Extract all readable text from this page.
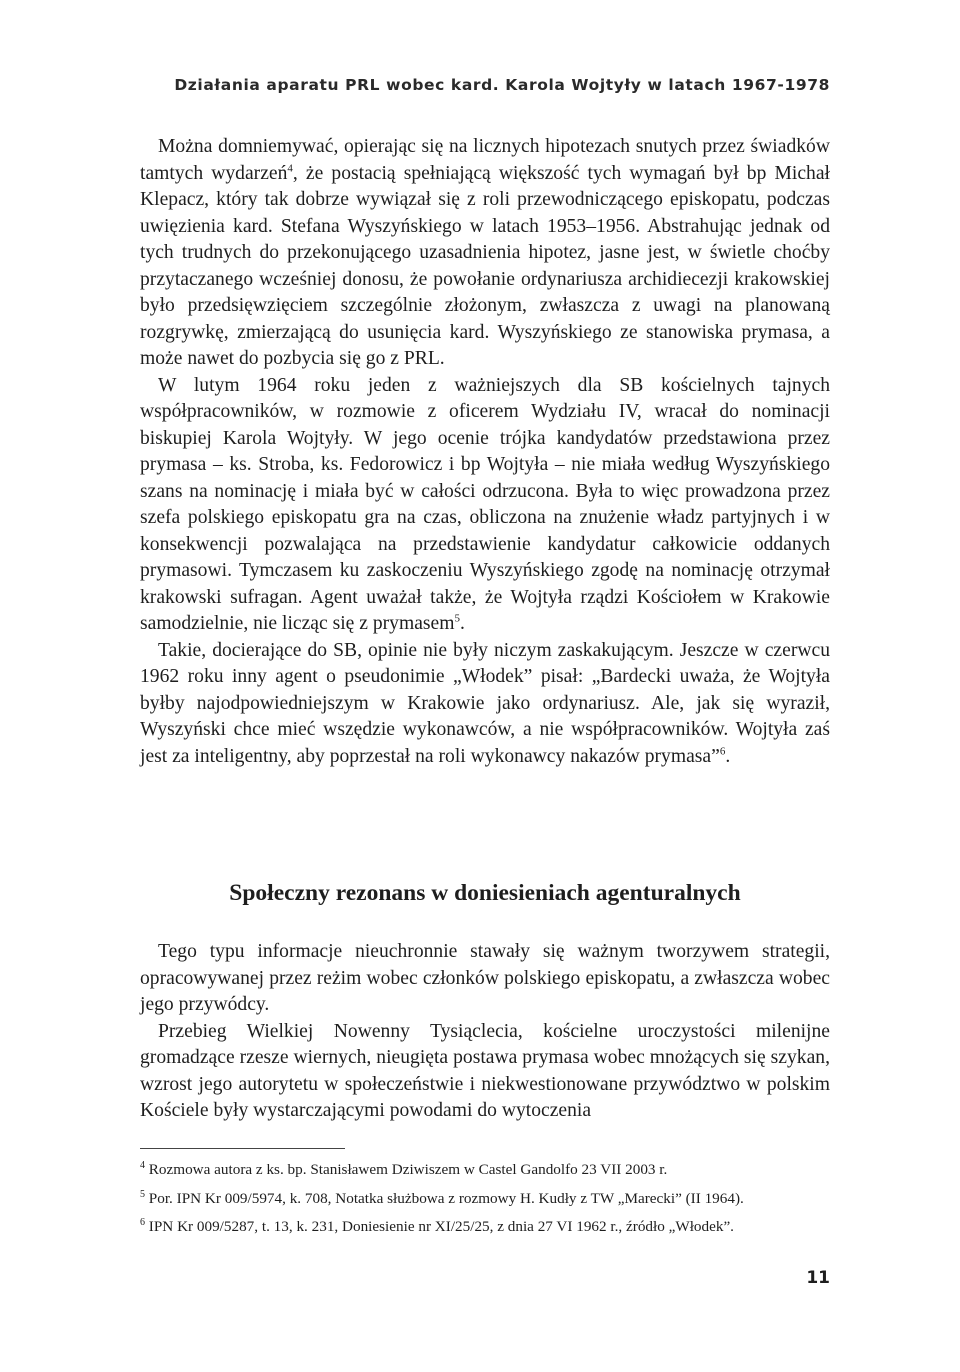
Działania aparatu PRL wobec kard. Karola Wojtyły w latach 1967-1978

Można domniemywać, opierając się na licznych hipotezach snutych przez świadków tamtych wydarzeń$^4$, że postacią spełniającą większość tych wymagań był bp Michał Klepacz, który tak dobrze wywiązał się z roli przewodniczącego episkopatu, podczas uwięzienia kard. Stefana Wyszyńskiego w latach 1953–1956. Abstrahując jednak od tych trudnych do przekonującego uzasadnienia hipotez, jasne jest, w świetle choćby przytaczanego wcześniej donosu, że powołanie ordynariusza archidiecezji krakowskiej było przedsięwzięciem szczególnie złożonym, zwłaszcza z uwagi na planowaną rozgrywkę, zmierzającą do usunięcia kard. Wyszyńskiego ze stanowiska prymasa, a może nawet do pozbycia się go z PRL.

W lutym 1964 roku jeden z ważniejszych dla SB kościelnych tajnych współpracowników, w rozmowie z oficerem Wydziału IV, wracał do nominacji biskupiej Karola Wojtyły. W jego ocenie trójka kandydatów przedstawiona przez prymasa – ks. Stroba, ks. Fedorowicz i bp Wojtyła – nie miała według Wyszyńskiego szans na nominację i miała być w całości odrzucona. Była to więc prowadzona przez szefa polskiego episkopatu gra na czas, obliczona na znużenie władz partyjnych i w konsekwencji pozwalająca na przedstawienie kandydatur całkowicie oddanych prymasowi. Tymczasem ku zaskoczeniu Wyszyńskiego zgodę na nominację otrzymał krakowski sufragan. Agent uważał także, że Wojtyła rządzi Kościołem w Krakowie samodzielnie, nie licząc się z prymasem$^5$.

Takie, docierające do SB, opinie nie były niczym zaskakującym. Jeszcze w czerwcu 1962 roku inny agent o pseudonimie „Włodek” pisał: „Bardecki uważa, że Wojtyła byłby najodpowiedniejszym w Krakowie jako ordynariusz. Ale, jak się wyraził, Wyszyński chce mieć wszędzie wykonawców, a nie współpracowników. Wojtyła zaś jest za inteligentny, aby poprzestał na roli wykonawcy nakazów prymasa”$^6$.

Społeczny rezonans w doniesieniach agenturalnych

Tego typu informacje nieuchronnie stawały się ważnym tworzywem strategii, opracowywanej przez reżim wobec członków polskiego episkopatu, a zwłaszcza wobec jego przywódcy.

Przebieg Wielkiej Nowenny Tysiąclecia, kościelne uroczystości milenijne gromadzące rzesze wiernych, nieugięta postawa prymasa wobec mnożących się szykan, wzrost jego autorytetu w społeczeństwie i niekwestionowane przywództwo w polskim Kościele były wystarczającymi powodami do wytoczenia

$^4$ Rozmowa autora z ks. bp. Stanisławem Dziwiszem w Castel Gandolfo 23 VII 2003 r.
$^5$ Por. IPN Kr 009/5974, k. 708, Notatka służbowa z rozmowy H. Kudły z TW „Marecki” (II 1964).
$^6$ IPN Kr 009/5287, t. 13, k. 231, Doniesienie nr XI/25/25, z dnia 27 VI 1962 r., źródło „Włodek”.
11
